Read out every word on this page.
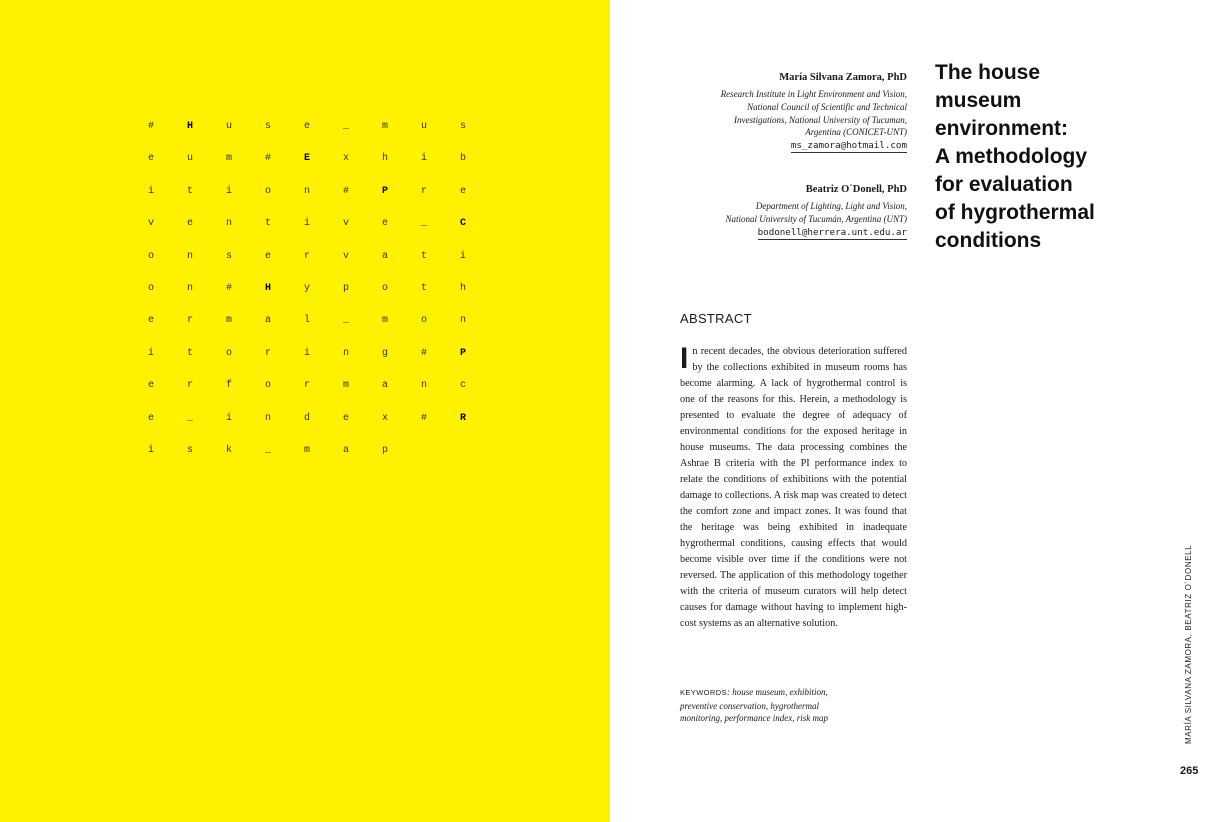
#	H	u	s	e	_	m	u	s
e	u	m	#	E	x	h	i	b
i	t	i	o	n	#	P	r	e
v	e	n	t	i	v	e	_	C
o	n	s	e	r	v	a	t	i
o	n	#	H	y	p	o	t	h
e	r	m	a	l	_	m	o	n
i	t	o	r	i	n	g	#	P
e	r	f	o	r	m	a	n	c
e	_	i	n	d	e	x	#	R
i	s	k	_	m	a	p
María Silvana Zamora, PhD
Research Institute in Light Environment and Vision,
National Council of Scientific and Technical
Investigations, National University of Tucuman,
Argentina (CONICET-UNT)
ms_zamora@hotmail.com
Beatriz O´Donell, PhD
Department of Lighting, Light and Vision,
National University of Tucumán, Argentina (UNT)
bodonell@herrera.unt.edu.ar
The house
museum
environment:
A methodology
for evaluation
of hygrothermal
conditions
ABSTRACT

In recent decades, the obvious deterioration suffered by the collections exhibited in museum rooms has become alarming. A lack of hygrothermal control is one of the reasons for this. Herein, a methodology is presented to evaluate the degree of adequacy of environmental conditions for the exposed heritage in house museums. The data processing combines the Ashrae B criteria with the PI performance index to relate the conditions of exhibitions with the potential damage to collections. A risk map was created to detect the comfort zone and impact zones. It was found that the heritage was being exhibited in inadequate hygrothermal conditions, causing effects that would become visible over time if the conditions were not reversed. The application of this methodology together with the criteria of museum curators will help detect causes for damage without having to implement high-cost systems as an alternative solution.

KEYWORDS: house museum, exhibition, preventive conservation, hygrothermal monitoring, performance index, risk map	MARÍA SILVANA ZAMORA, BEATRIZ O´DONELL
265
